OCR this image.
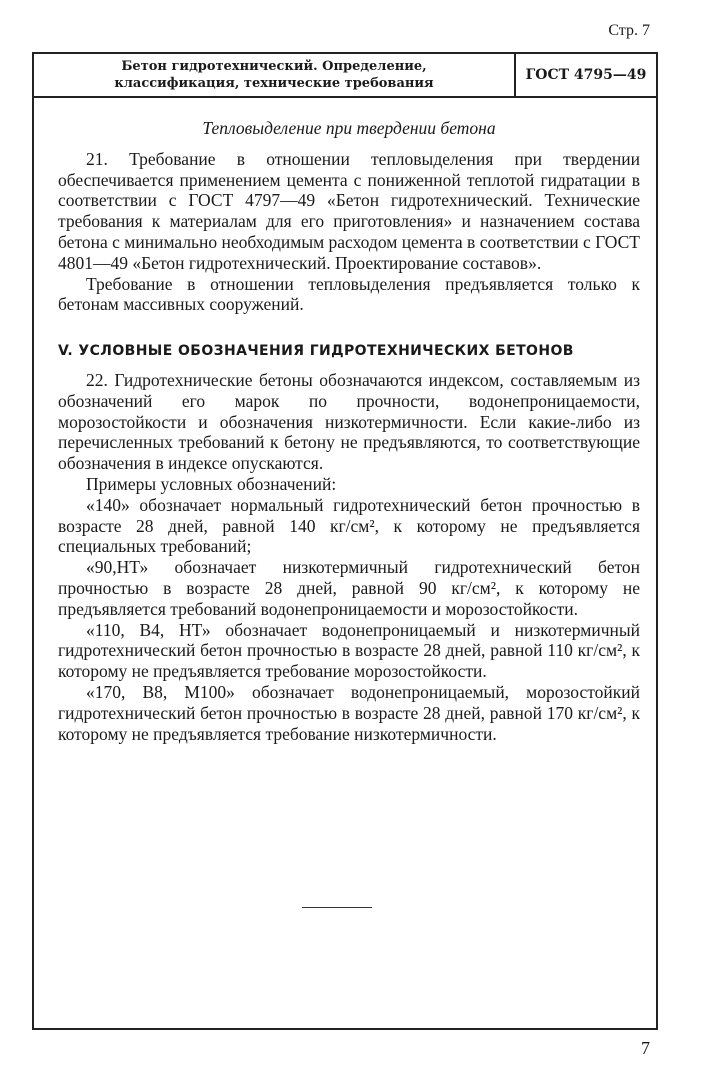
Стр. 7
Бетон гидротехнический. Определение,
классификация, технические требования
ГОСТ 4795—49
Тепловыделение при твердении бетона

21. Требование в отношении тепловыделения при твердении обеспечивается применением цемента с пониженной теплотой гидратации в соответствии с ГОСТ 4797—49 «Бетон гидротехнический. Технические требования к материалам для его приготовления» и назначением состава бетона с минимально необходимым расходом цемента в соответствии с ГОСТ 4801—49 «Бетон гидротехнический. Проектирование составов».

Требование в отношении тепловыделения предъявляется только к бетонам массивных сооружений.

V. УСЛОВНЫЕ ОБОЗНАЧЕНИЯ ГИДРОТЕХНИЧЕСКИХ БЕТОНОВ

22. Гидротехнические бетоны обозначаются индексом, составляемым из обозначений его марок по прочности, водонепроницаемости, морозостойкости и обозначения низкотермичности. Если какие-либо из перечисленных требований к бетону не предъявляются, то соответствующие обозначения в индексе опускаются.

Примеры условных обозначений:

«140» обозначает нормальный гидротехнический бетон прочностью в возрасте 28 дней, равной 140 кг/см², к которому не предъявляется специальных требований;

«90,НТ» обозначает низкотермичный гидротехнический бетон прочностью в возрасте 28 дней, равной 90 кг/см², к которому не предъявляется требований водонепроницаемости и морозостойкости.

«110, В4, НТ» обозначает водонепроницаемый и низкотермичный гидротехнический бетон прочностью в возрасте 28 дней, равной 110 кг/см², к которому не предъявляется требование морозостойкости.

«170, В8, М100» обозначает водонепроницаемый, морозостойкий гидротехнический бетон прочностью в возрасте 28 дней, равной 170 кг/см², к которому не предъявляется требование низкотермичности.

7
